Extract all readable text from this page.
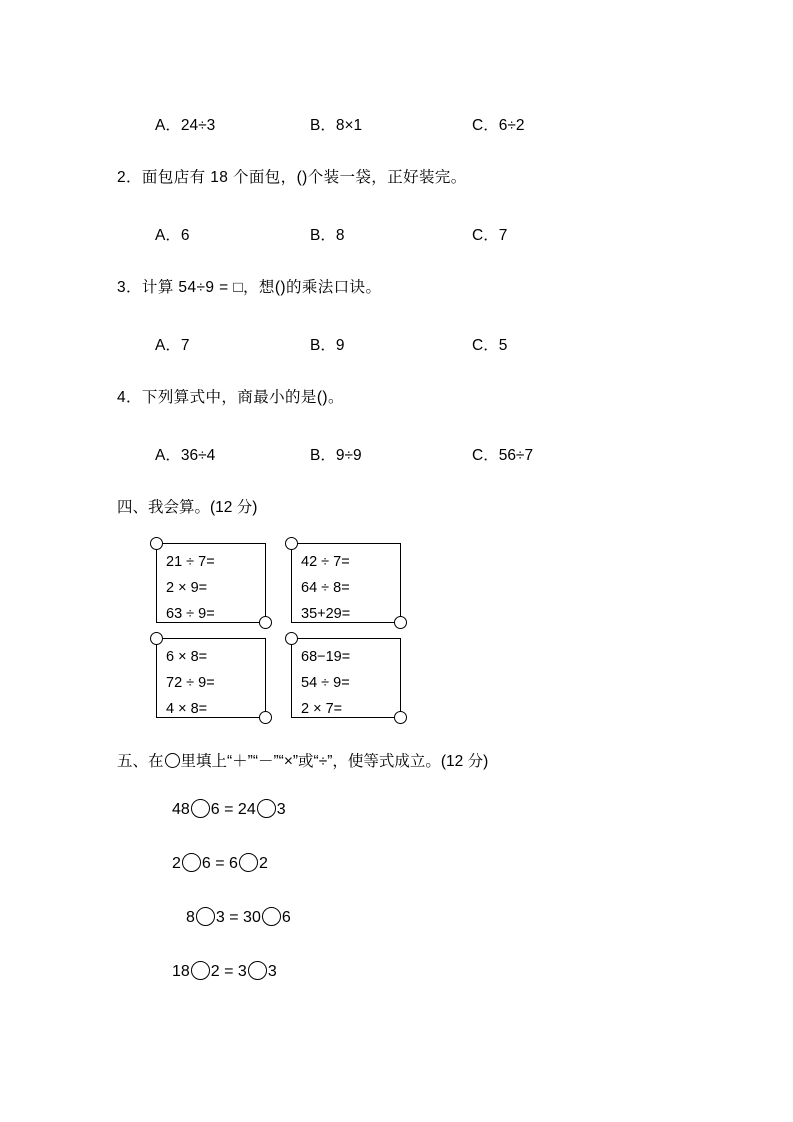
A．24÷3	B．8×1	C．6÷2
2．面包店有 18 个面包，()个装一袋，正好装完。
A．6	B．8	C．7
3．计算 54÷9 = □，想()的乘法口诀。
A．7	B．9	C．5
4．下列算式中，商最小的是()。
A．36÷4	B．9÷9	C．56÷7
四、我会算。(12 分)
21 ÷ 7=
2 × 9=
63 ÷ 9=
42 ÷ 7=
64 ÷ 8=
35+29=
6 × 8=
72 ÷ 9=
4 × 8=
68−19=
54 ÷ 9=
2 × 7=
五、在 里填上“＋”“－”“×”或“÷”，使等式成立。(12 分)
48 6 = 24 3
2 6 = 6 2
8 3 = 30 6
18 2 = 3 3
